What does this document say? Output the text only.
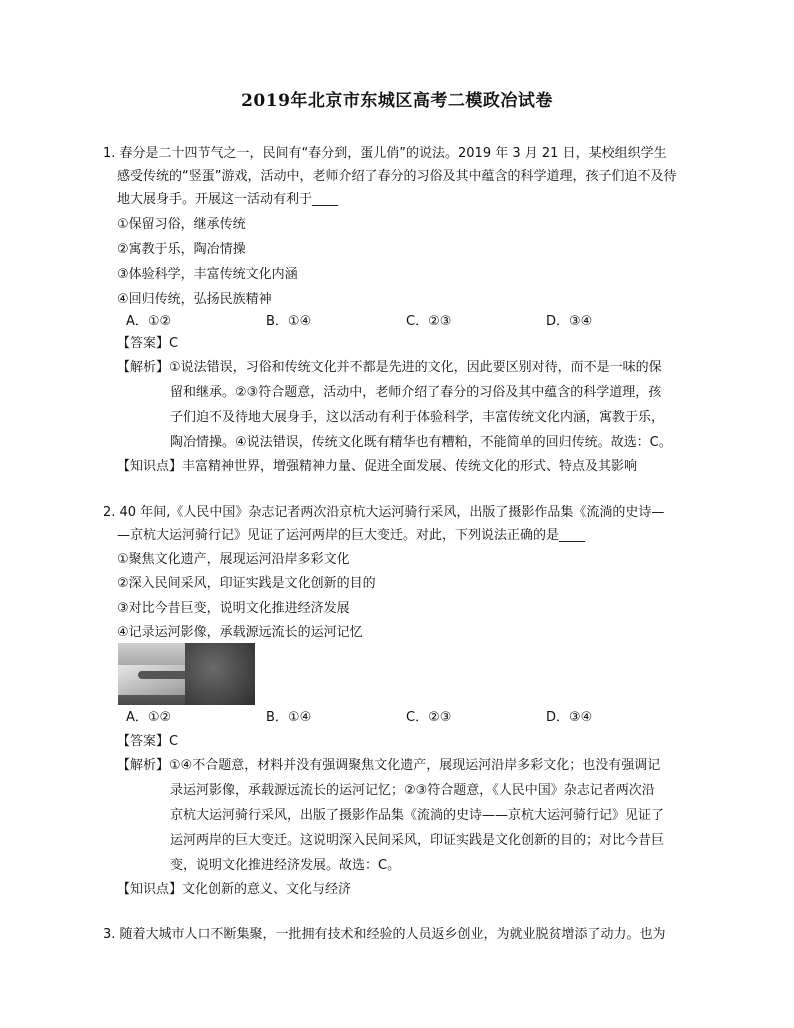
2019年北京市东城区高考二模政冶试卷
1. 春分是二十四节气之一，民间有“春分到，蛋儿俏”的说法。2019 年 3 月 21 日，某校组织学生
感受传统的“竖蛋”游戏，活动中，老师介绍了春分的习俗及其中蕴含的科学道理，孩子们迫不及待
地大展身手。开展这一活动有利于____
①保留习俗，继承传统
②寓教于乐，陶冶情操
③体验科学，丰富传统文化内涵
④回归传统，弘扬民族精神
A．①②	B．①④	C．②③	D．③④
【答案】C
【解析】①说法错误，习俗和传统文化并不都是先进的文化，因此要区别对待，而不是一味的保
留和继承。②③符合题意，活动中，老师介绍了春分的习俗及其中蕴含的科学道理，孩
子们迫不及待地大展身手，这以活动有利于体验科学，丰富传统文化内涵，寓教于乐，
陶冶情操。④说法错误，传统文化既有精华也有糟粕，不能简单的回归传统。故选：C。
【知识点】丰富精神世界，增强精神力量、促进全面发展、传统文化的形式、特点及其影响
2. 40 年间,《人民中国》杂志记者两次沿京杭大运河骑行采风，出版了摄影作品集《流淌的史诗—
—京杭大运河骑行记》见证了运河两岸的巨大变迁。对此，下列说法正确的是____
①聚焦文化遗产，展现运河沿岸多彩文化
②深入民间采风，印证实践是文化创新的目的
③对比今昔巨变，说明文化推进经济发展
④记录运河影像，承载源远流长的运河记忆
A．①②	B．①④	C．②③	D．③④
【答案】C
【解析】①④不合题意，材料并没有强调聚焦文化遗产，展现运河沿岸多彩文化；也没有强调记
录运河影像，承载源远流长的运河记忆；②③符合题意，《人民中国》杂志记者两次沿
京杭大运河骑行采风，出版了摄影作品集《流淌的史诗——京杭大运河骑行记》见证了
运河两岸的巨大变迁。这说明深入民间采风，印证实践是文化创新的目的；对比今昔巨
变，说明文化推进经济发展。故选：C。
【知识点】文化创新的意义、文化与经济
3. 随着大城市人口不断集聚，一批拥有技术和经验的人员返乡创业，为就业脱贫增添了动力。也为
